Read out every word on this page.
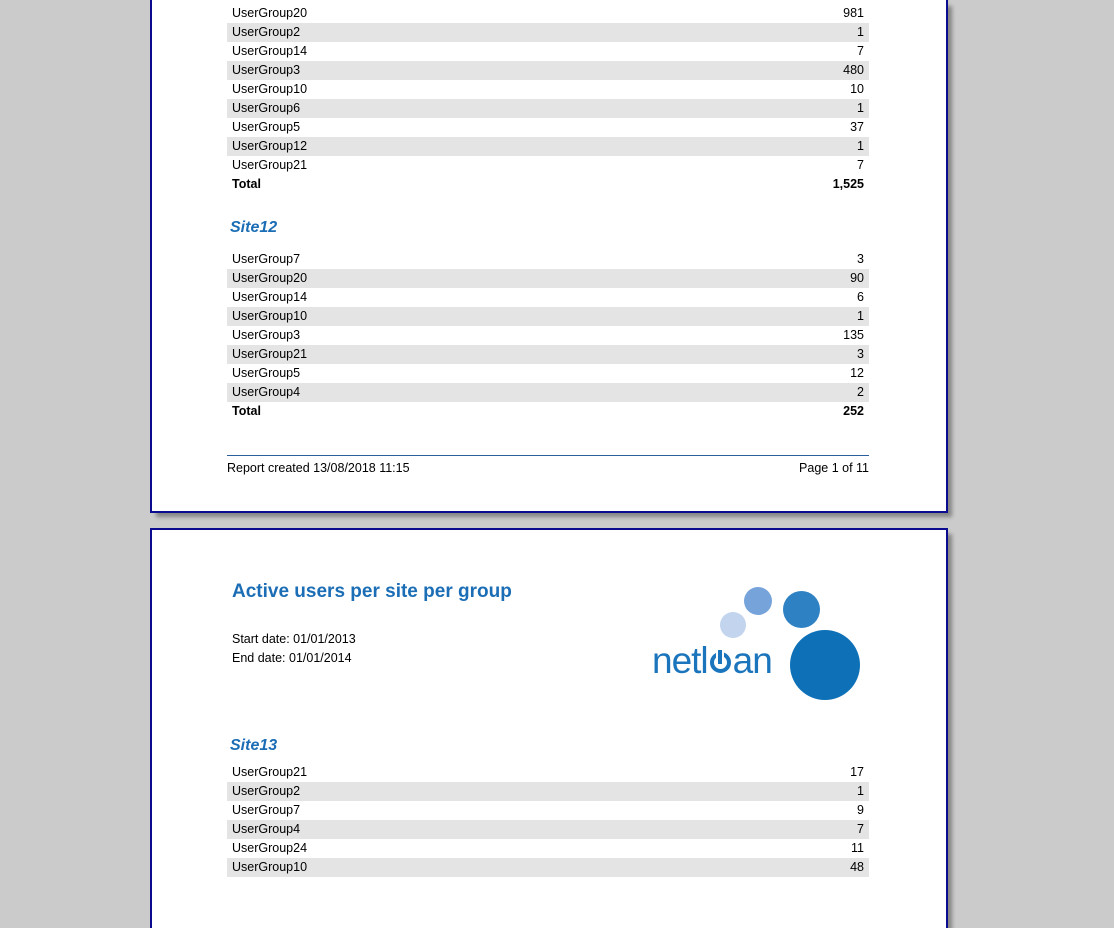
UserGroup20	981
UserGroup2	1
UserGroup14	7
UserGroup3	480
UserGroup10	10
UserGroup6	1
UserGroup5	37
UserGroup12	1
UserGroup21	7
Total	1,525
Site12
UserGroup7	3
UserGroup20	90
UserGroup14	6
UserGroup10	1
UserGroup3	135
UserGroup21	3
UserGroup5	12
UserGroup4	2
Total	252
Report created 13/08/2018 11:15	Page 1 of 11
Active users per site per group
Start date: 01/01/2013
End date: 01/01/2014	netl an
Site13
UserGroup21	17
UserGroup2	1
UserGroup7	9
UserGroup4	7
UserGroup24	11
UserGroup10	48
